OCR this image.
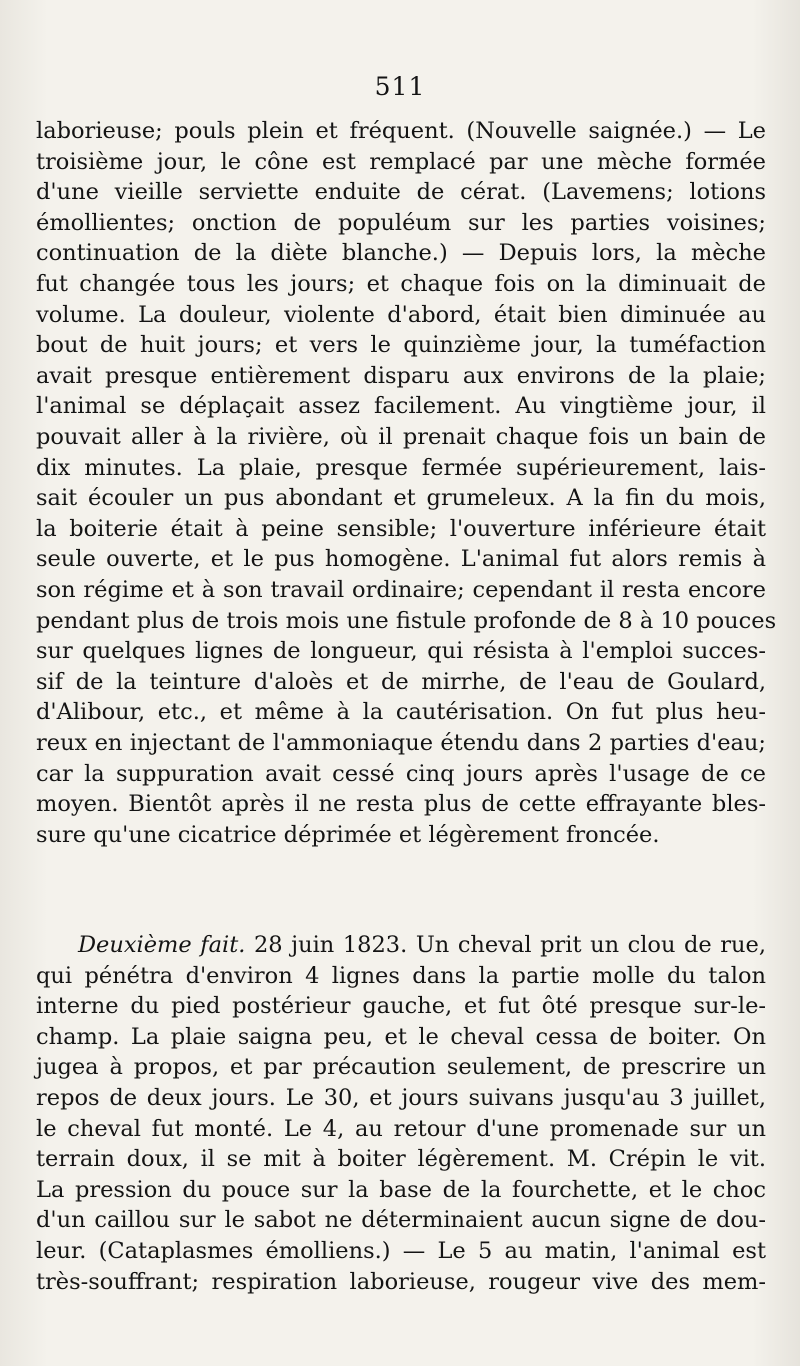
511
laborieuse; pouls plein et fréquent. (Nouvelle saignée.) — Le
troisième jour, le cône est remplacé par une mèche formée
d'une vieille serviette enduite de cérat. (Lavemens; lotions
émollientes; onction de populéum sur les parties voisines;
continuation de la diète blanche.) — Depuis lors, la mèche
fut changée tous les jours; et chaque fois on la diminuait de
volume. La douleur, violente d'abord, était bien diminuée au
bout de huit jours; et vers le quinzième jour, la tuméfaction
avait presque entièrement disparu aux environs de la plaie;
l'animal se déplaçait assez facilement. Au vingtième jour, il
pouvait aller à la rivière, où il prenait chaque fois un bain de
dix minutes. La plaie, presque fermée supérieurement, lais-
sait écouler un pus abondant et grumeleux. A la fin du mois,
la boiterie était à peine sensible; l'ouverture inférieure était
seule ouverte, et le pus homogène. L'animal fut alors remis à
son régime et à son travail ordinaire; cependant il resta encore
pendant plus de trois mois une fistule profonde de 8 à 10 pouces
sur quelques lignes de longueur, qui résista à l'emploi succes-
sif de la teinture d'aloès et de mirrhe, de l'eau de Goulard,
d'Alibour, etc., et même à la cautérisation. On fut plus heu-
reux en injectant de l'ammoniaque étendu dans 2 parties d'eau;
car la suppuration avait cessé cinq jours après l'usage de ce
moyen. Bientôt après il ne resta plus de cette effrayante bles-
sure qu'une cicatrice déprimée et légèrement froncée.
Deuxième fait. 28 juin 1823. Un cheval prit un clou de rue,
qui pénétra d'environ 4 lignes dans la partie molle du talon
interne du pied postérieur gauche, et fut ôté presque sur-le-
champ. La plaie saigna peu, et le cheval cessa de boiter. On
jugea à propos, et par précaution seulement, de prescrire un
repos de deux jours. Le 30, et jours suivans jusqu'au 3 juillet,
le cheval fut monté. Le 4, au retour d'une promenade sur un
terrain doux, il se mit à boiter légèrement. M. Crépin le vit.
La pression du pouce sur la base de la fourchette, et le choc
d'un caillou sur le sabot ne déterminaient aucun signe de dou-
leur. (Cataplasmes émolliens.) — Le 5 au matin, l'animal est
très-souffrant; respiration laborieuse, rougeur vive des mem-
